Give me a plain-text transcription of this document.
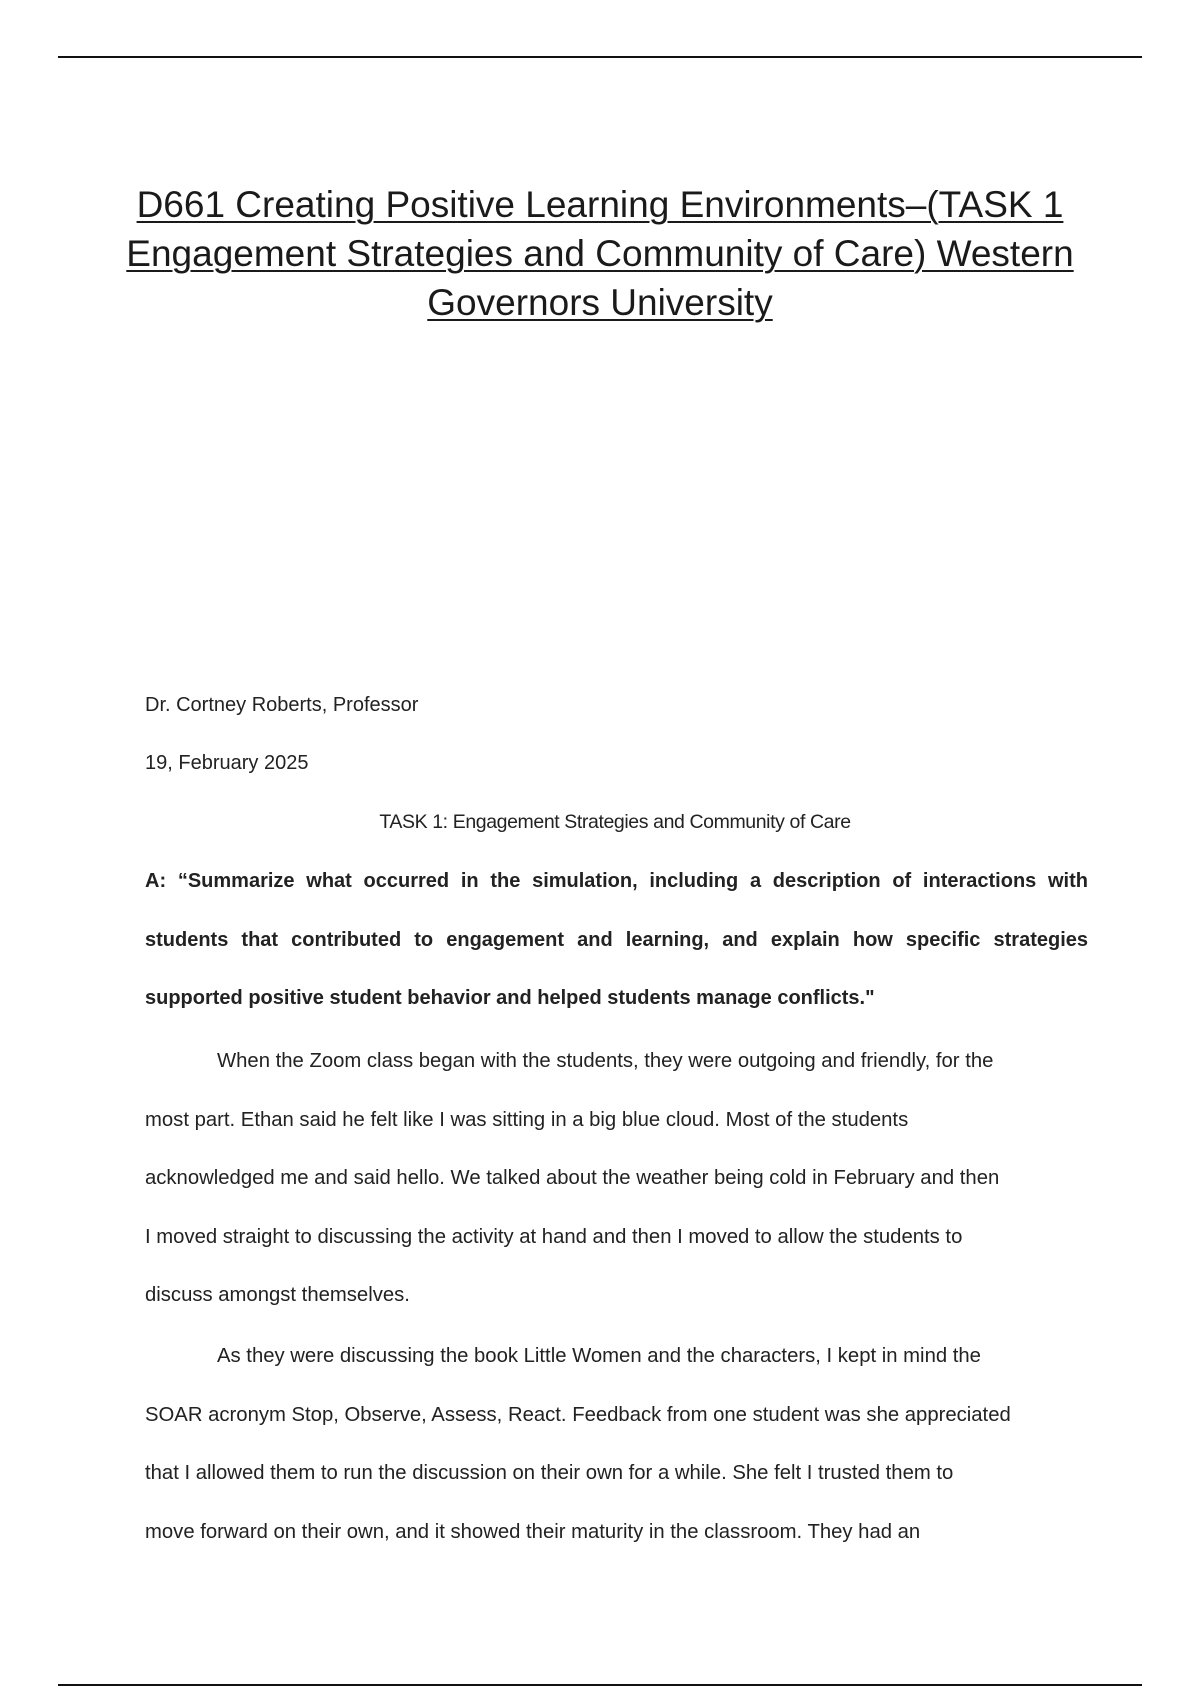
D661 Creating Positive Learning Environments–(TASK 1
Engagement Strategies and Community of Care) Western
Governors University
Dr. Cortney Roberts, Professor
19, February 2025
TASK 1: Engagement Strategies and Community of Care
A: “Summarize what occurred in the simulation, including a description of interactions with
students that contributed to engagement and learning, and explain how specific strategies
supported positive student behavior and helped students manage conflicts."
When the Zoom class began with the students, they were outgoing and friendly, for the
most part. Ethan said he felt like I was sitting in a big blue cloud. Most of the students
acknowledged me and said hello. We talked about the weather being cold in February and then
I moved straight to discussing the activity at hand and then I moved to allow the students to
discuss amongst themselves.
As they were discussing the book Little Women and the characters, I kept in mind the
SOAR acronym Stop, Observe, Assess, React. Feedback from one student was she appreciated
that I allowed them to run the discussion on their own for a while. She felt I trusted them to
move forward on their own, and it showed their maturity in the classroom. They had an
